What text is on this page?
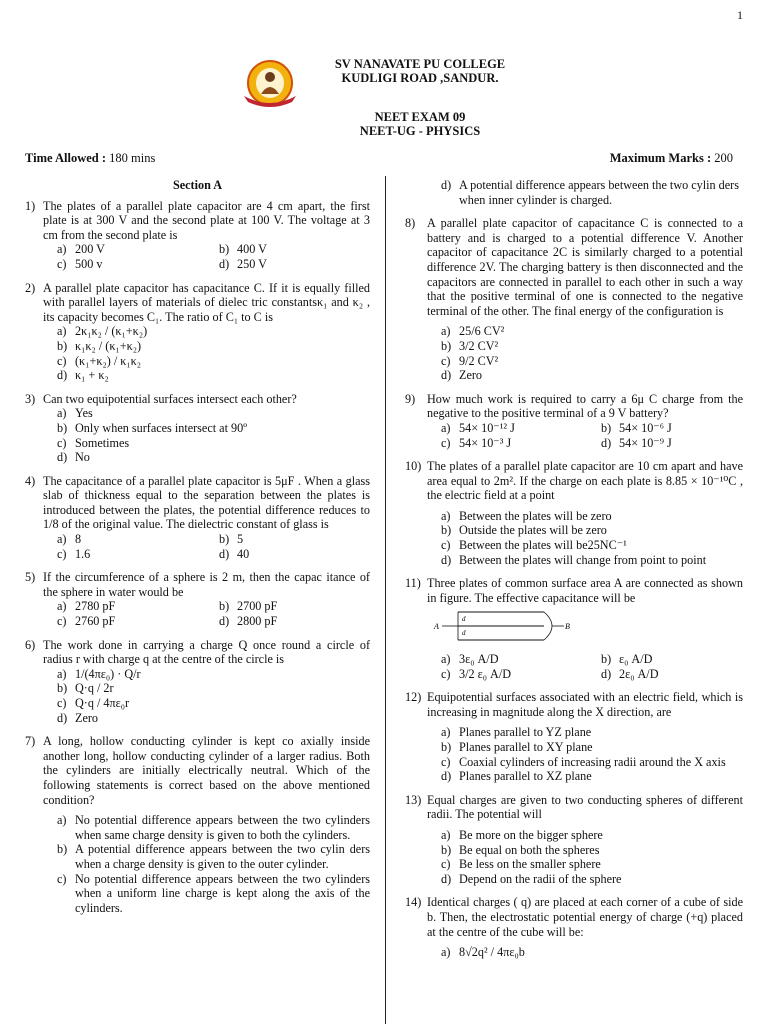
1
SV NANAVATE PU COLLEGE
KUDLIGI ROAD ,SANDUR.
NEET EXAM 09
NEET-UG - PHYSICS
Time Allowed : 180 mins	Maximum Marks : 200
Section A
1) The plates of a parallel plate capacitor are 4 cm apart, the first plate is at 300 V and the second plate at 100 V. The voltage at 3 cm from the second plate is

a) 200 V	b) 400 V
c) 500 v	d) 250 V
2) A parallel plate capacitor has capacitance C. If it is equally filled with parallel layers of materials of dielec tric constantsκ₁ and κ₂ , its capacity becomes C₁. The ratio of C₁ to C is

a) 2κ₁κ₂ / (κ₁+κ₂)
b) κ₁κ₂ / (κ₁+κ₂)
c) (κ₁+κ₂) / κ₁κ₂
d) κ₁ + κ₂
3) Can two equipotential surfaces intersect each other?

a) Yes
b) Only when surfaces intersect at 90º
c) Sometimes
d) No
4) The capacitance of a parallel plate capacitor is 5μF . When a glass slab of thickness equal to the separation between the plates is introduced between the plates, the potential difference reduces to 1/8 of the original value. The dielectric constant of glass is

a) 8	b) 5
c) 1.6	d) 40
5) If the circumference of a sphere is 2 m, then the capac itance of the sphere in water would be

a) 2780 pF	b) 2700 pF
c) 2760 pF	d) 2800 pF
6) The work done in carrying a charge Q once round a circle of radius r with charge q at the centre of the circle is

a) 1/(4πε₀) · Q/r
b) Q·q / 2r
c) Q·q / 4πε₀r
d) Zero
7) A long, hollow conducting cylinder is kept co axially inside another long, hollow conducting cylinder of a larger radius. Both the cylinders are initially electrically neutral. Which of the following statements is correct based on the above mentioned condition?

a) No potential difference appears between the two cylinders when same charge density is given to both the cylinders.
b) A potential difference appears between the two cylin ders when a charge density is given to the outer cylinder.
c) No potential difference appears between the two cylinders when a uniform line charge is kept along the axis of the cylinders.
d) A potential difference appears between the two cylin ders when inner cylinder is charged.
8) A parallel plate capacitor of capacitance C is connected to a battery and is charged to a potential difference V. Another capacitor of capacitance 2C is similarly charged to a potential difference 2V. The charging battery is then disconnected and the capacitors are connected in parallel to each other in such a way that the positive terminal of one is connected to the negative terminal of the other. The final energy of the configuration is

a) 25/6 CV²
b) 3/2 CV²
c) 9/2 CV²
d) Zero
9) How much work is required to carry a 6μ C charge from the negative to the positive terminal of a 9 V battery?

a) 54× 10⁻¹² J	b) 54× 10⁻⁶ J
c) 54× 10⁻³ J	d) 54× 10⁻⁹ J
10) The plates of a parallel plate capacitor are 10 cm apart and have area equal to 2m². If the charge on each plate is 8.85 × 10⁻¹⁰C , the electric field at a point

a) Between the plates will be zero
b) Outside the plates will be zero
c) Between the plates will be25NC⁻¹
d) Between the plates will change from point to point
11) Three plates of common surface area A are connected as shown in figure. The effective capacitance will be

A	B
d
d
a) 3ε₀ A/D	b) ε₀ A/D
c) 3/2 ε₀ A/D	d) 2ε₀ A/D
12) Equipotential surfaces associated with an electric field, which is increasing in magnitude along the X direction, are

a) Planes parallel to YZ plane
b) Planes parallel to XY plane
c) Coaxial cylinders of increasing radii around the X axis
d) Planes parallel to XZ plane
13) Equal charges are given to two conducting spheres of different radii. The potential will

a) Be more on the bigger sphere
b) Be equal on both the spheres
c) Be less on the smaller sphere
d) Depend on the radii of the sphere
14) Identical charges ( q) are placed at each corner of a cube of side b. Then, the electrostatic potential energy of charge (+q) placed at the centre of the cube will be:

a) 8√2q² / 4πε₀b
